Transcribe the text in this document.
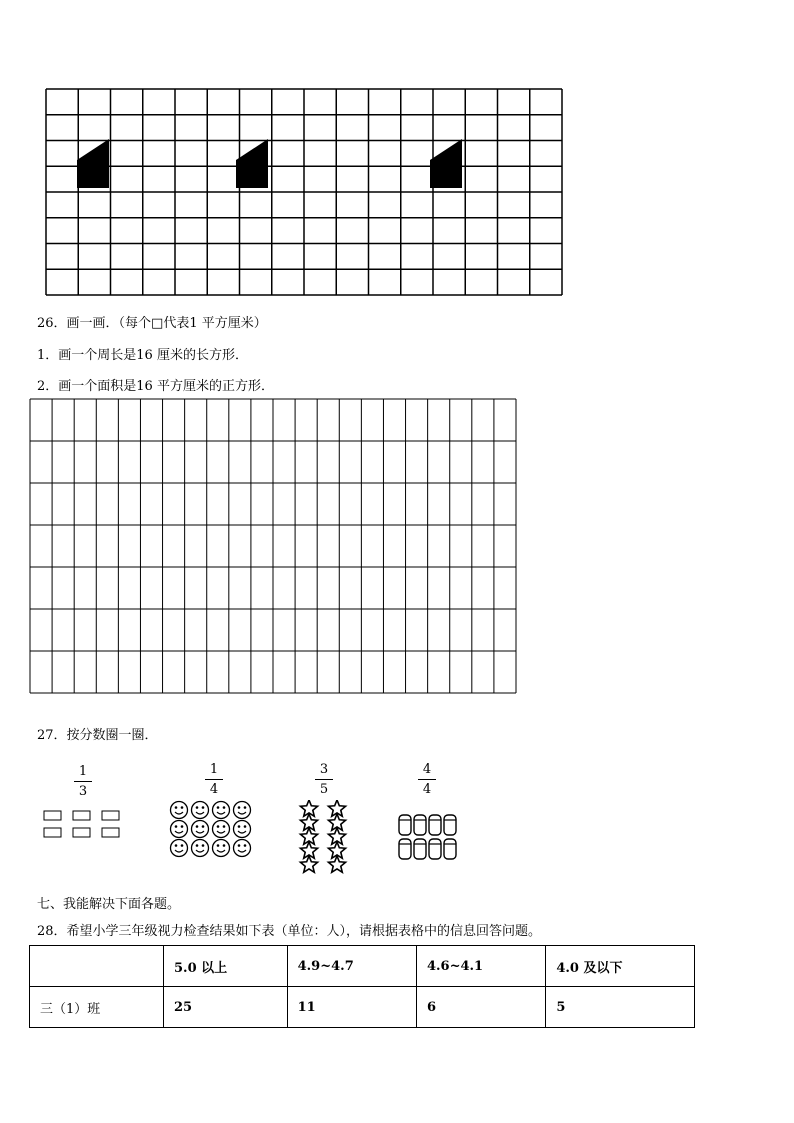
26．画一画．（每个□代表1 平方厘米）
1．画一个周长是16 厘米的长方形．
2．画一个面积是16 平方厘米的正方形．
27．按分数圈一圈．
1
3
1
4
3
5
4
4
七、我能解决下面各题。
28．希望小学三年级视力检查结果如下表（单位：人），请根据表格中的信息回答问题。
	5.0 以上	4.9~4.7	4.6~4.1	4.0 及以下
三（1）班	25	11	6	5
